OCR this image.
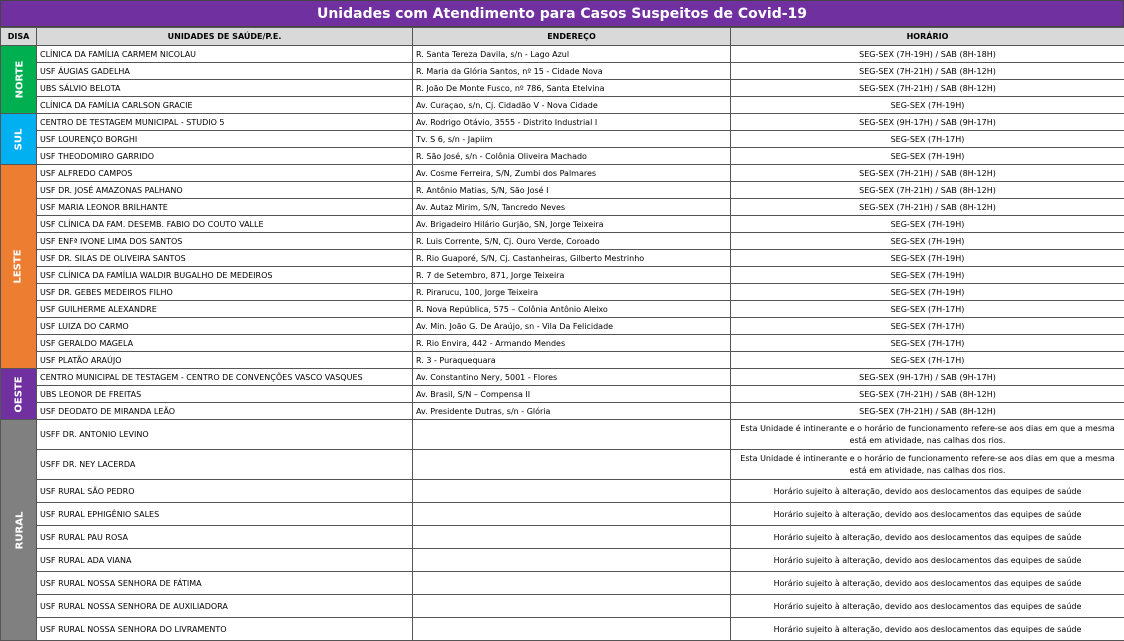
Unidades com Atendimento para Casos Suspeitos de Covid-19
DISA	UNIDADES DE SAÚDE/P.E.	ENDEREÇO	HORÁRIO
NORTE	CLÍNICA DA FAMÍLIA CARMEM NICOLAU	R. Santa Tereza Davila, s/n - Lago Azul	SEG-SEX (7H-19H) / SAB (8H-18H)
	USF ÁUGIAS GADELHA	R. Maria da Glória Santos, nº 15 - Cidade Nova	SEG-SEX (7H-21H) / SAB (8H-12H)
	UBS SÁLVIO BELOTA	R. João De Monte Fusco, nº 786, Santa Etelvina	SEG-SEX (7H-21H) / SAB (8H-12H)
	CLÍNICA DA FAMÍLIA CARLSON GRACIE	Av. Curaçao, s/n, Cj. Cidadão V - Nova Cidade	SEG-SEX (7H-19H)
SUL	CENTRO DE TESTAGEM MUNICIPAL - STUDIO 5	Av. Rodrigo Otávio, 3555 - Distrito Industrial I	SEG-SEX (9H-17H) / SAB (9H-17H)
	USF LOURENÇO BORGHI	Tv. S 6, s/n - Japiim	SEG-SEX (7H-17H)
	USF THEODOMIRO GARRIDO	R. São José, s/n - Colônia Oliveira Machado	SEG-SEX (7H-19H)
LESTE	USF ALFREDO CAMPOS	Av. Cosme Ferreira, S/N, Zumbi dos Palmares	SEG-SEX (7H-21H) / SAB (8H-12H)
	USF DR. JOSÉ AMAZONAS PALHANO	R. Antônio Matias, S/N, São José I	SEG-SEX (7H-21H) / SAB (8H-12H)
	USF MARIA LEONOR BRILHANTE	Av. Autaz Mirim, S/N, Tancredo Neves	SEG-SEX (7H-21H) / SAB (8H-12H)
	USF CLÍNICA DA FAM. DESEMB. FABIO DO COUTO VALLE	Av. Brigadeiro Hilário Gurjão, SN, Jorge Teixeira	SEG-SEX (7H-19H)
	USF ENFª IVONE LIMA DOS SANTOS	R. Luis Corrente, S/N, Cj. Ouro Verde, Coroado	SEG-SEX (7H-19H)
	USF DR. SILAS DE OLIVEIRA SANTOS	R. Rio Guaporé, S/N, Cj. Castanheiras, Gilberto Mestrinho	SEG-SEX (7H-19H)
	USF CLÍNICA DA FAMÍLIA WALDIR BUGALHO DE MEDEIROS	R. 7 de Setembro, 871, Jorge Teixeira	SEG-SEX (7H-19H)
	USF DR. GEBES MEDEIROS FILHO	R. Pirarucu, 100, Jorge Teixeira	SEG-SEX (7H-19H)
	USF GUILHERME ALEXANDRE	R. Nova República, 575 – Colônia Antônio Aleixo	SEG-SEX (7H-17H)
	USF LUIZA DO CARMO	Av. Min. João G. De Araújo, sn - Vila Da Felicidade	SEG-SEX (7H-17H)
	USF GERALDO MAGELA	R. Rio Envira, 442 - Armando Mendes	SEG-SEX (7H-17H)
	USF PLATÃO ARAÚJO	R. 3 - Puraquequara	SEG-SEX (7H-17H)
OESTE	CENTRO MUNICIPAL DE TESTAGEM - CENTRO DE CONVENÇÕES VASCO VASQUES	Av. Constantino Nery, 5001 - Flores	SEG-SEX (9H-17H) / SAB (9H-17H)
	UBS LEONOR DE FREITAS	Av. Brasil, S/N – Compensa II	SEG-SEX (7H-21H) / SAB (8H-12H)
	USF DEODATO DE MIRANDA LEÃO	Av. Presidente Dutras, s/n - Glória	SEG-SEX (7H-21H) / SAB (8H-12H)
RURAL	USFF DR. ANTONIO LEVINO		Esta Unidade é intinerante e o horário de funcionamento refere-se aos dias em que a mesma está em atividade, nas calhas dos rios.
	USFF DR. NEY LACERDA		Esta Unidade é intinerante e o horário de funcionamento refere-se aos dias em que a mesma está em atividade, nas calhas dos rios.
	USF RURAL SÃO PEDRO		Horário sujeito à alteração, devido aos deslocamentos das equipes de saúde
	USF RURAL EPHIGÊNIO SALES		Horário sujeito à alteração, devido aos deslocamentos das equipes de saúde
	USF RURAL PAU ROSA		Horário sujeito à alteração, devido aos deslocamentos das equipes de saúde
	USF RURAL ADA VIANA		Horário sujeito à alteração, devido aos deslocamentos das equipes de saúde
	USF RURAL NOSSA SENHORA DE FÁTIMA		Horário sujeito à alteração, devido aos deslocamentos das equipes de saúde
	USF RURAL NOSSA SENHORA DE AUXILIADORA		Horário sujeito à alteração, devido aos deslocamentos das equipes de saúde
	USF RURAL NOSSA SENHORA DO LIVRAMENTO		Horário sujeito à alteração, devido aos deslocamentos das equipes de saúde
